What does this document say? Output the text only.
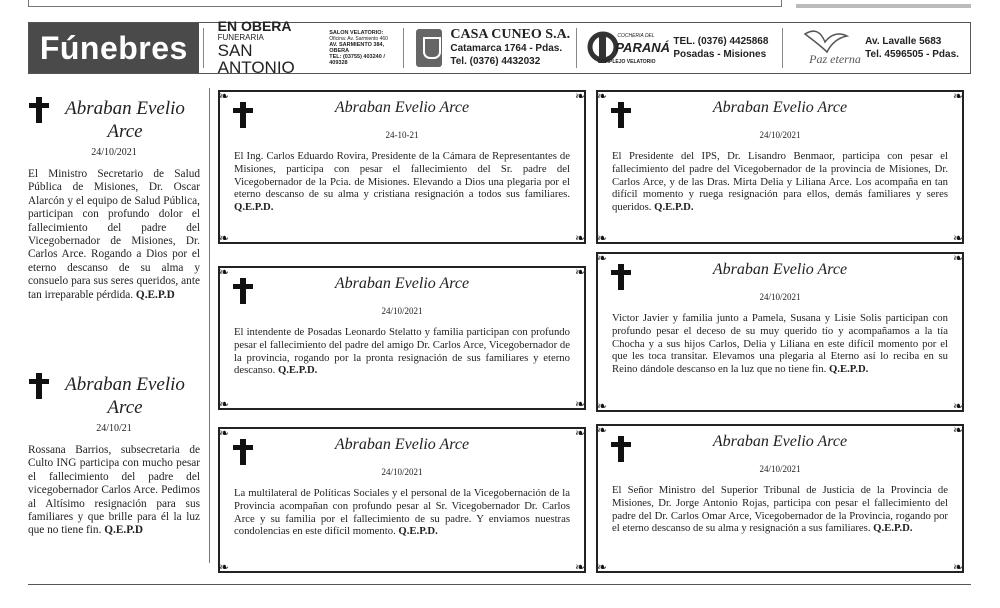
Fúnebres
EN OBERA
FUNERARIA
SAN ANTONIO
SALON VELATORIO:
Oficina: Av. Sarmiento 460
AV. SARMIENTO 384, OBERA
TEL: (03755) 403240 / 409328
CASA CUNEO S.A.
Catamarca 1764 - Pdas.
Tel. (0376) 4432032
COCHERIA DEL
PARANÁ
COMPLEJO VELATORIO
TEL. (0376) 4425868
Posadas - Misiones	Paz eterna
Av. Lavalle 5683
Tel. 4596505 - Pdas.
Abraban Evelio Arce
24/10/2021
El Ministro Secretario de Salud Pública de Misiones, Dr. Oscar Alarcón y el equipo de Salud Pública, participan con profundo dolor el fallecimiento del padre del Vicegobernador de Misiones, Dr. Carlos Arce. Rogando a Dios por el eterno descanso de su alma y consuelo para sus seres queridos, ante tan irreparable pérdida. Q.E.P.D
Abraban Evelio Arce
24/10/21
Rossana Barrios, subsecretaria de Culto ING participa con mucho pesar el fallecimiento del padre del vicegobernador Carlos Arce. Pedimos al Altísimo resignación para sus familiares y que brille para él la luz que no tiene fin. Q.E.P.D
❧	❧
❧	❧
Abraban Evelio Arce
24-10-21
El Ing. Carlos Eduardo Rovira, Presidente de la Cámara de Representantes de Misiones, participa con pesar el fallecimiento del Sr. padre del Vicegobernador de la Pcia. de Misiones. Elevando a Dios una plegaria por el eterno descanso de su alma y cristiana resignación a todos sus familiares. Q.E.P.D.
❧	❧
❧	❧
Abraban Evelio Arce
24/10/2021
El intendente de Posadas Leonardo Stelatto y familia participan con profundo pesar el fallecimiento del padre del amigo Dr. Carlos Arce, Vicegobernador de la provincia, rogando por la pronta resignación de sus familiares y eterno descanso. Q.E.P.D.
❧	❧
❧	❧
Abraban Evelio Arce
24/10/2021
La multilateral de Políticas Sociales y el personal de la Vicegobernación de la Provincia acompañan con profundo pesar al Sr. Vicegobernador Dr. Carlos Arce y su familia por el fallecimiento de su padre. Y enviamos nuestras condolencias en este difícil momento. Q.E.P.D.
❧	❧
❧	❧
Abraban Evelio Arce
24/10/2021
El Presidente del IPS, Dr. Lisandro Benmaor, participa con pesar el fallecimiento del padre del Vicegobernador de la provincia de Misiones, Dr. Carlos Arce, y de las Dras. Mirta Delia y Liliana Arce. Los acompaña en tan difícil momento y ruega resignación para ellos, demás familiares y seres queridos. Q.E.P.D.
❧	❧
❧	❧
Abraban Evelio Arce
24/10/2021
Victor Javier y familia junto a Pamela, Susana y Lisie Solis participan con profundo pesar el deceso de su muy querido tío y acompañamos a la tía Chocha y a sus hijos Carlos, Delia y Liliana en este difícil momento por el que les toca transitar. Elevamos una plegaria al Eterno así lo reciba en su Reino dándole descanso en la luz que no tiene fin. Q.E.P.D.
❧	❧
❧	❧
Abraban Evelio Arce
24/10/2021
El Señor Ministro del Superior Tribunal de Justicia de la Provincia de Misiones, Dr. Jorge Antonio Rojas, participa con pesar el fallecimiento del padre del Dr. Carlos Omar Arce, Vicegobernador de la Provincia, rogando por el eterno descanso de su alma y resignación a sus familiares. Q.E.P.D.
